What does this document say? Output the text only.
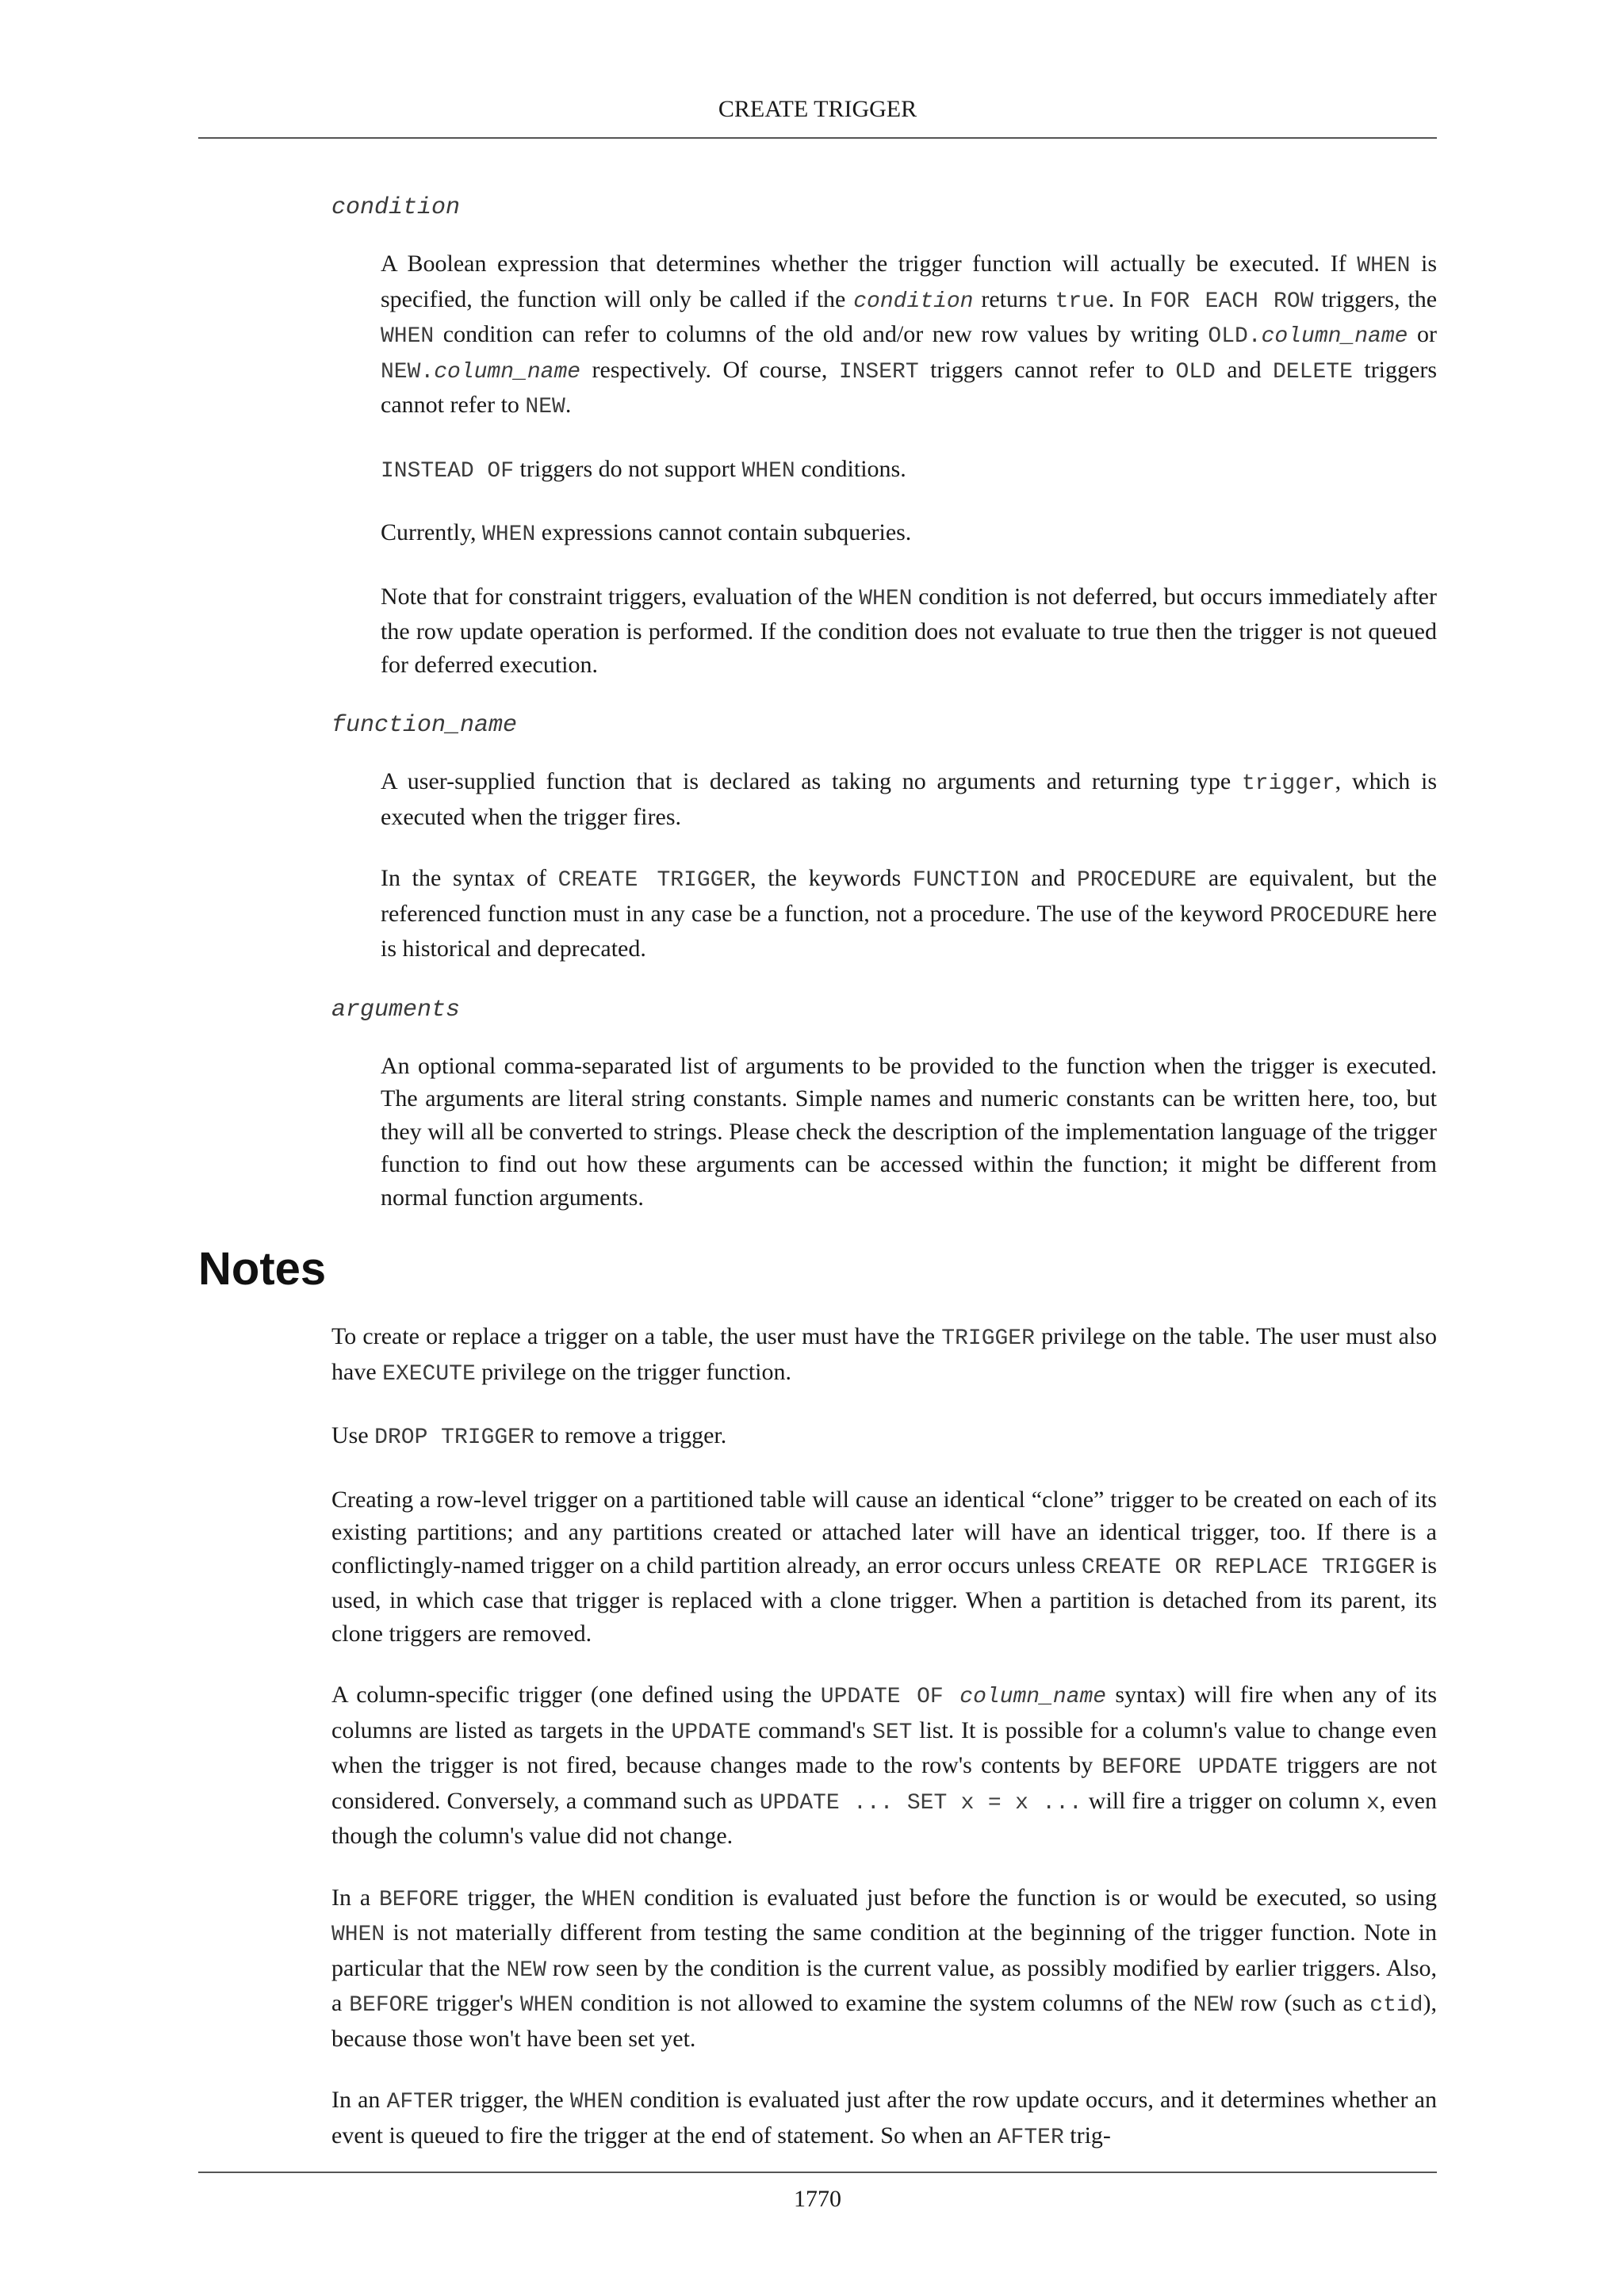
CREATE TRIGGER
condition

A Boolean expression that determines whether the trigger function will actually be executed. If WHEN is specified, the function will only be called if the condition returns true. In FOR EACH ROW triggers, the WHEN condition can refer to columns of the old and/or new row values by writing OLD.column_name or NEW.column_name respectively. Of course, INSERT triggers cannot refer to OLD and DELETE triggers cannot refer to NEW.

INSTEAD OF triggers do not support WHEN conditions.

Currently, WHEN expressions cannot contain subqueries.

Note that for constraint triggers, evaluation of the WHEN condition is not deferred, but occurs immediately after the row update operation is performed. If the condition does not evaluate to true then the trigger is not queued for deferred execution.

function_name

A user-supplied function that is declared as taking no arguments and returning type trigger, which is executed when the trigger fires.

In the syntax of CREATE TRIGGER, the keywords FUNCTION and PROCEDURE are equivalent, but the referenced function must in any case be a function, not a procedure. The use of the keyword PROCEDURE here is historical and deprecated.

arguments

An optional comma-separated list of arguments to be provided to the function when the trigger is executed. The arguments are literal string constants. Simple names and numeric constants can be written here, too, but they will all be converted to strings. Please check the description of the implementation language of the trigger function to find out how these arguments can be accessed within the function; it might be different from normal function arguments.

Notes

To create or replace a trigger on a table, the user must have the TRIGGER privilege on the table. The user must also have EXECUTE privilege on the trigger function.

Use DROP TRIGGER to remove a trigger.

Creating a row-level trigger on a partitioned table will cause an identical “clone” trigger to be created on each of its existing partitions; and any partitions created or attached later will have an identical trigger, too. If there is a conflictingly-named trigger on a child partition already, an error occurs unless CREATE OR REPLACE TRIGGER is used, in which case that trigger is replaced with a clone trigger. When a partition is detached from its parent, its clone triggers are removed.

A column-specific trigger (one defined using the UPDATE OF column_name syntax) will fire when any of its columns are listed as targets in the UPDATE command's SET list. It is possible for a column's value to change even when the trigger is not fired, because changes made to the row's contents by BEFORE UPDATE triggers are not considered. Conversely, a command such as UPDATE ... SET x = x ... will fire a trigger on column x, even though the column's value did not change.

In a BEFORE trigger, the WHEN condition is evaluated just before the function is or would be executed, so using WHEN is not materially different from testing the same condition at the beginning of the trigger function. Note in particular that the NEW row seen by the condition is the current value, as possibly modified by earlier triggers. Also, a BEFORE trigger's WHEN condition is not allowed to examine the system columns of the NEW row (such as ctid), because those won't have been set yet.

In an AFTER trigger, the WHEN condition is evaluated just after the row update occurs, and it determines whether an event is queued to fire the trigger at the end of statement. So when an AFTER trig-

1770
